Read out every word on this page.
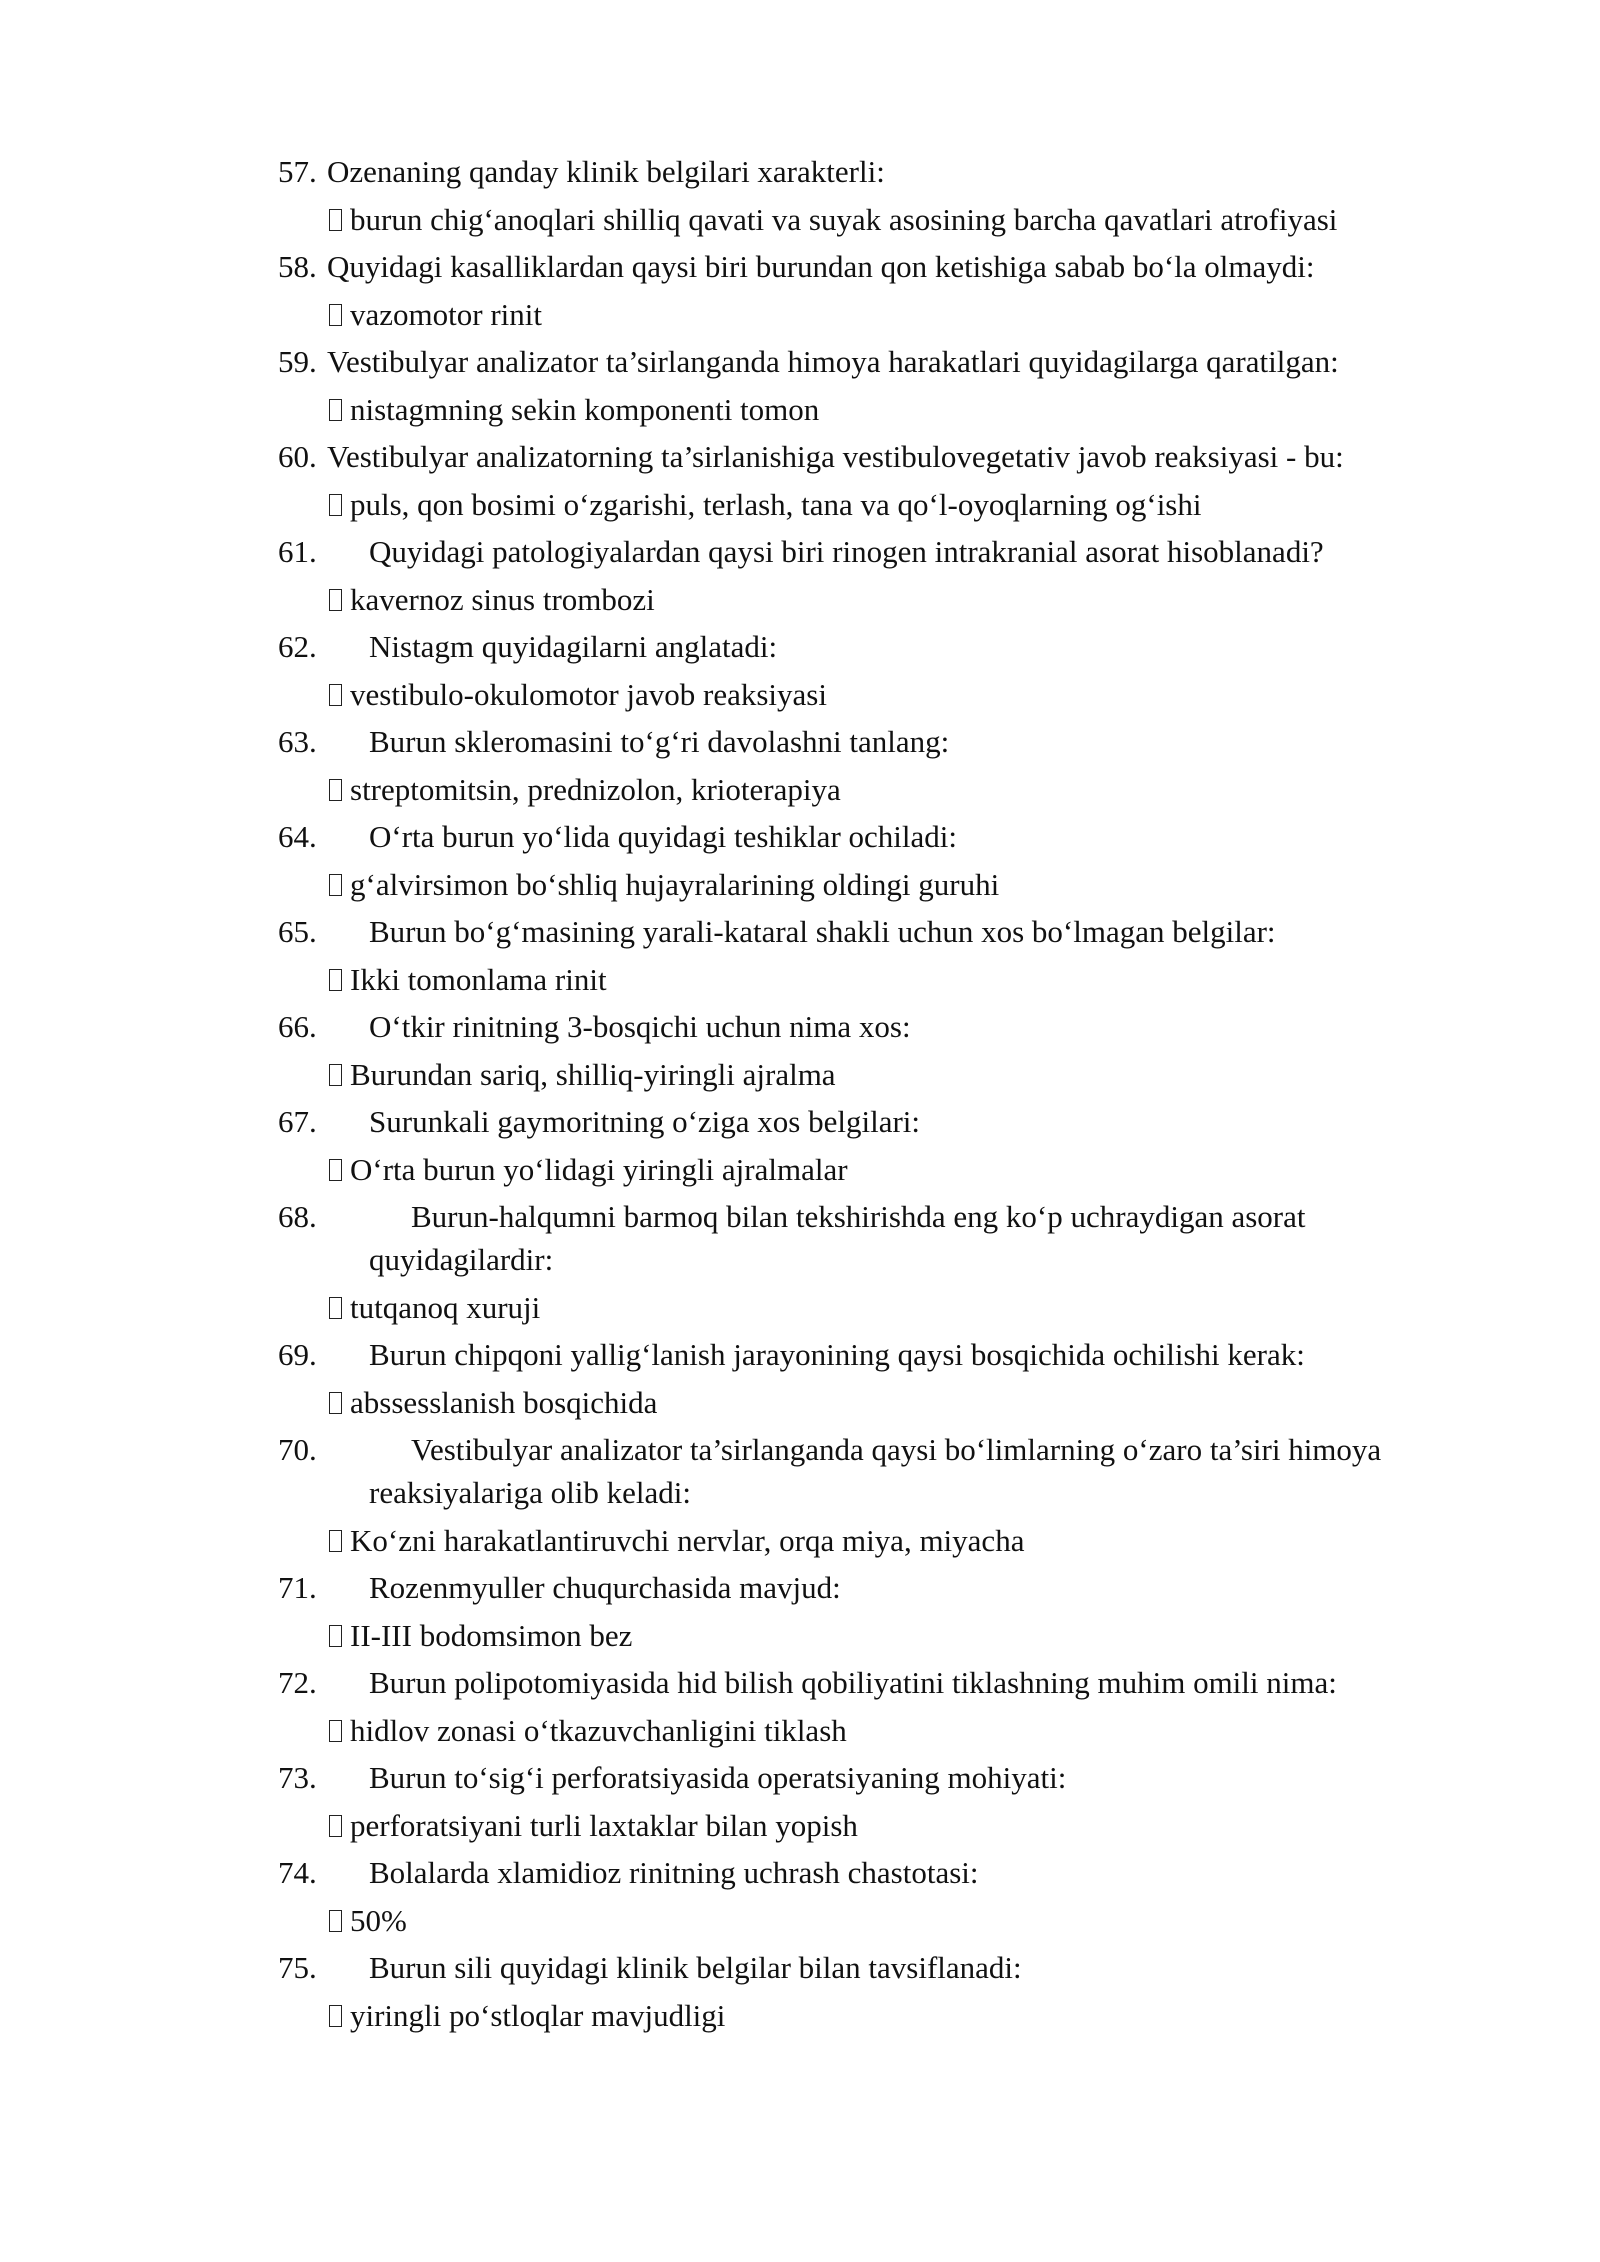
57. Ozenaning qanday klinik belgilari xarakterli:
burun chig‘anoqlari shilliq qavati va suyak asosining barcha qavatlari atrofiyasi
58. Quyidagi kasalliklardan qaysi biri burundan qon ketishiga sabab bo‘la olmaydi:
vazomotor rinit
59. Vestibulyar analizator ta’sirlanganda himoya harakatlari quyidagilarga qaratilgan:
nistagmning sekin komponenti tomon
60. Vestibulyar analizatorning ta’sirlanishiga vestibulovegetativ javob reaksiyasi - bu:
puls, qon bosimi o‘zgarishi, terlash, tana va qo‘l-oyoqlarning og‘ishi
61.	Quyidagi patologiyalardan qaysi biri rinogen intrakranial asorat hisoblanadi?
kavernoz sinus trombozi
62.	Nistagm quyidagilarni anglatadi:
vestibulo-okulomotor javob reaksiyasi
63.	Burun skleromasini to‘g‘ri davolashni tanlang:
streptomitsin, prednizolon, krioterapiya
64.	O‘rta burun yo‘lida quyidagi teshiklar ochiladi:
g‘alvirsimon bo‘shliq hujayralarining oldingi guruhi
65.	Burun bo‘g‘masining yarali-kataral shakli uchun xos bo‘lmagan belgilar:
Ikki tomonlama rinit
66.	O‘tkir rinitning 3-bosqichi uchun nima xos:
Burundan sariq, shilliq-yiringli ajralma
67.	Surunkali gaymoritning o‘ziga xos belgilari:
O‘rta burun yo‘lidagi yiringli ajralmalar
68.	Burun-halqumni barmoq bilan tekshirishda eng ko‘p uchraydigan asorat quyidagilardir:
tutqanoq xuruji
69.	Burun chipqoni yallig‘lanish jarayonining qaysi bosqichida ochilishi kerak:
abssesslanish bosqichida
70.	Vestibulyar analizator ta’sirlanganda qaysi bo‘limlarning o‘zaro ta’siri himoya reaksiyalariga olib keladi:
Ko‘zni harakatlantiruvchi nervlar, orqa miya, miyacha
71.	Rozenmyuller chuqurchasida mavjud:
II-III bodomsimon bez
72.	Burun polipotomiyasida hid bilish qobiliyatini tiklashning muhim omili nima:
hidlov zonasi o‘tkazuvchanligini tiklash
73.	Burun to‘sig‘i perforatsiyasida operatsiyaning mohiyati:
perforatsiyani turli laxtaklar bilan yopish
74.	Bolalarda xlamidioz rinitning uchrash chastotasi:
50%
75.	Burun sili quyidagi klinik belgilar bilan tavsiflanadi:
yiringli po‘stloqlar mavjudligi
